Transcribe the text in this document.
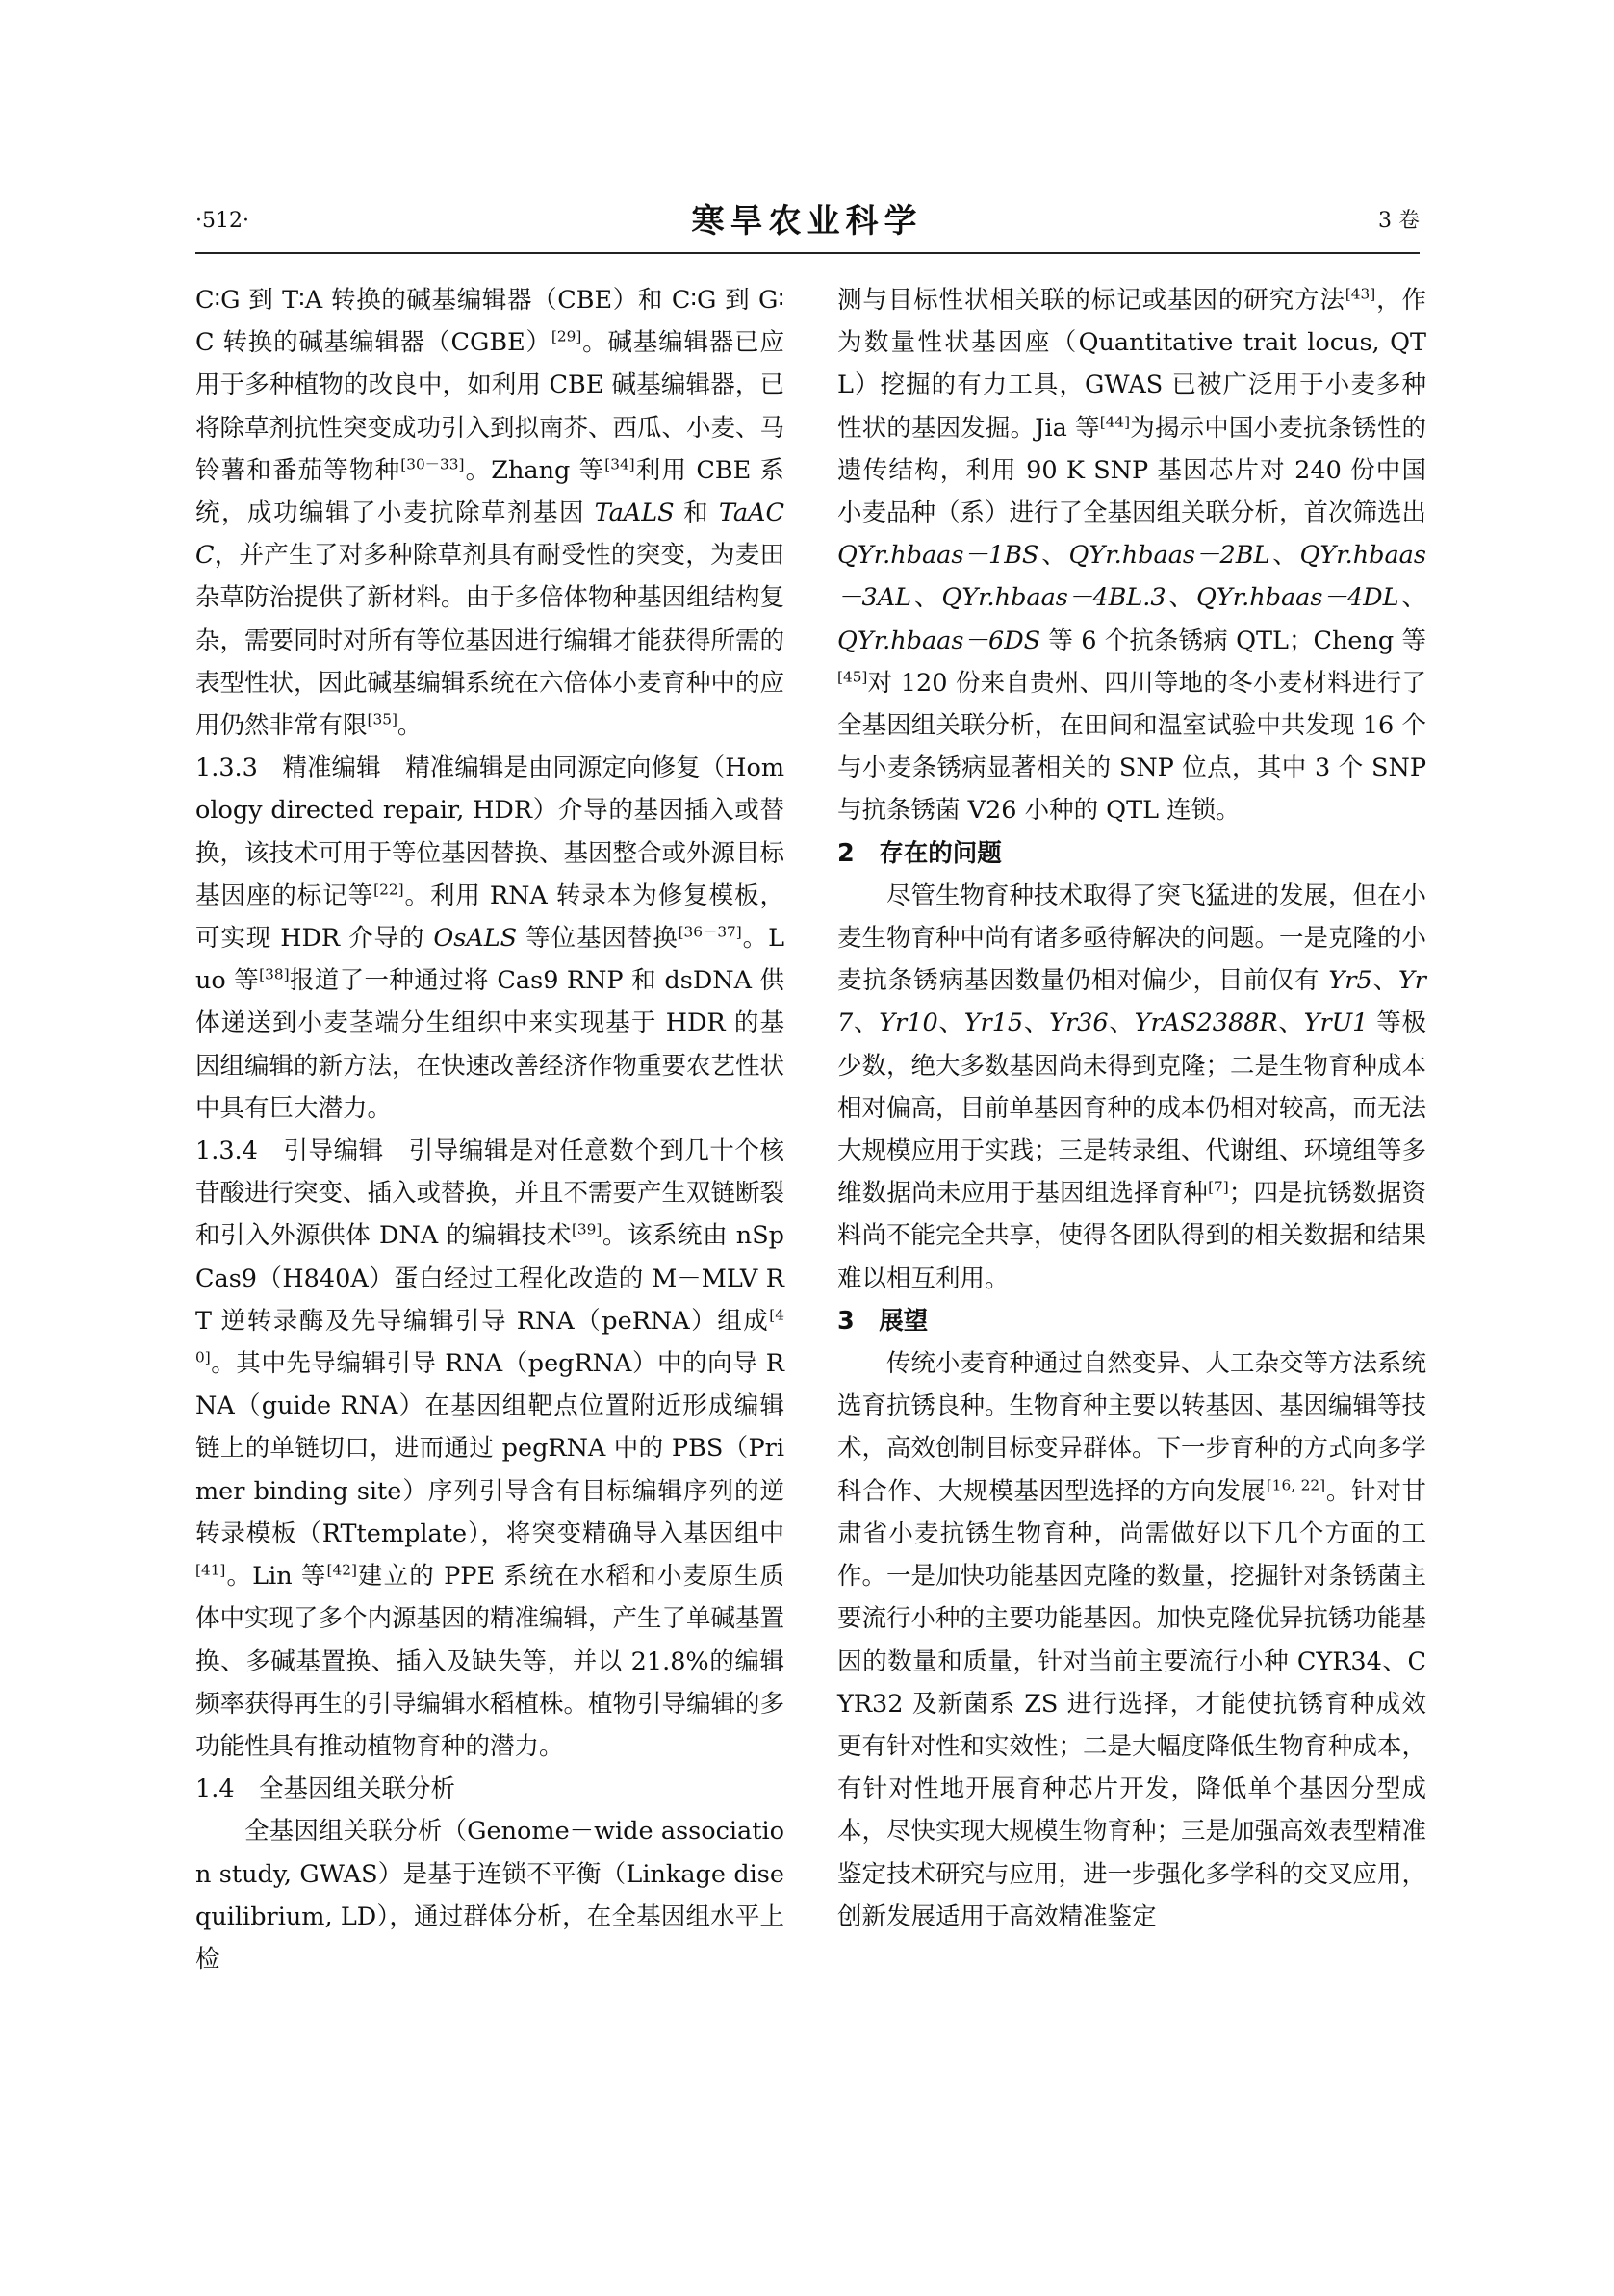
·512·	寒旱农业科学	3 卷

C∶G 到 T∶A 转换的碱基编辑器（CBE）和 C∶G 到 G∶C 转换的碱基编辑器（CGBE）[29]。碱基编辑器已应用于多种植物的改良中，如利用 CBE 碱基编辑器，已将除草剂抗性突变成功引入到拟南芥、西瓜、小麦、马铃薯和番茄等物种[30－33]。Zhang 等[34]利用 CBE 系统，成功编辑了小麦抗除草剂基因 TaALS 和 TaACC，并产生了对多种除草剂具有耐受性的突变，为麦田杂草防治提供了新材料。由于多倍体物种基因组结构复杂，需要同时对所有等位基因进行编辑才能获得所需的表型性状，因此碱基编辑系统在六倍体小麦育种中的应用仍然非常有限[35]。

1.3.3　精准编辑　精准编辑是由同源定向修复（Homology directed repair, HDR）介导的基因插入或替换，该技术可用于等位基因替换、基因整合或外源目标基因座的标记等[22]。利用 RNA 转录本为修复模板，可实现 HDR 介导的 OsALS 等位基因替换[36－37]。Luo 等[38]报道了一种通过将 Cas9 RNP 和 dsDNA 供体递送到小麦茎端分生组织中来实现基于 HDR 的基因组编辑的新方法，在快速改善经济作物重要农艺性状中具有巨大潜力。

1.3.4　引导编辑　引导编辑是对任意数个到几十个核苷酸进行突变、插入或替换，并且不需要产生双链断裂和引入外源供体 DNA 的编辑技术[39]。该系统由 nSpCas9（H840A）蛋白经过工程化改造的 M－MLV RT 逆转录酶及先导编辑引导 RNA（peRNA）组成[40]。其中先导编辑引导 RNA（pegRNA）中的向导 RNA（guide RNA）在基因组靶点位置附近形成编辑链上的单链切口，进而通过 pegRNA 中的 PBS（Primer binding site）序列引导含有目标编辑序列的逆转录模板（RTtemplate），将突变精确导入基因组中[41]。Lin 等[42]建立的 PPE 系统在水稻和小麦原生质体中实现了多个内源基因的精准编辑，产生了单碱基置换、多碱基置换、插入及缺失等，并以 21.8%的编辑频率获得再生的引导编辑水稻植株。植物引导编辑的多功能性具有推动植物育种的潜力。

1.4　全基因组关联分析

全基因组关联分析（Genome－wide association study, GWAS）是基于连锁不平衡（Linkage disequilibrium, LD），通过群体分析，在全基因组水平上检

测与目标性状相关联的标记或基因的研究方法[43]，作为数量性状基因座（Quantitative trait locus, QTL）挖掘的有力工具，GWAS 已被广泛用于小麦多种性状的基因发掘。Jia 等[44]为揭示中国小麦抗条锈性的遗传结构，利用 90 K SNP 基因芯片对 240 份中国小麦品种（系）进行了全基因组关联分析，首次筛选出 QYr.hbaas－1BS、QYr.hbaas－2BL、QYr.hbaas－3AL、QYr.hbaas－4BL.3、QYr.hbaas－4DL、QYr.hbaas－6DS 等 6 个抗条锈病 QTL；Cheng 等[45]对 120 份来自贵州、四川等地的冬小麦材料进行了全基因组关联分析，在田间和温室试验中共发现 16 个与小麦条锈病显著相关的 SNP 位点，其中 3 个 SNP 与抗条锈菌 V26 小种的 QTL 连锁。

2　存在的问题

尽管生物育种技术取得了突飞猛进的发展，但在小麦生物育种中尚有诸多亟待解决的问题。一是克隆的小麦抗条锈病基因数量仍相对偏少，目前仅有 Yr5、Yr7、Yr10、Yr15、Yr36、YrAS2388R、YrU1 等极少数，绝大多数基因尚未得到克隆；二是生物育种成本相对偏高，目前单基因育种的成本仍相对较高，而无法大规模应用于实践；三是转录组、代谢组、环境组等多维数据尚未应用于基因组选择育种[7]；四是抗锈数据资料尚不能完全共享，使得各团队得到的相关数据和结果难以相互利用。

3　展望

传统小麦育种通过自然变异、人工杂交等方法系统选育抗锈良种。生物育种主要以转基因、基因编辑等技术，高效创制目标变异群体。下一步育种的方式向多学科合作、大规模基因型选择的方向发展[16, 22]。针对甘肃省小麦抗锈生物育种，尚需做好以下几个方面的工作。一是加快功能基因克隆的数量，挖掘针对条锈菌主要流行小种的主要功能基因。加快克隆优异抗锈功能基因的数量和质量，针对当前主要流行小种 CYR34、CYR32 及新菌系 ZS 进行选择，才能使抗锈育种成效更有针对性和实效性；二是大幅度降低生物育种成本，有针对性地开展育种芯片开发，降低单个基因分型成本，尽快实现大规模生物育种；三是加强高效表型精准鉴定技术研究与应用，进一步强化多学科的交叉应用，创新发展适用于高效精准鉴定
